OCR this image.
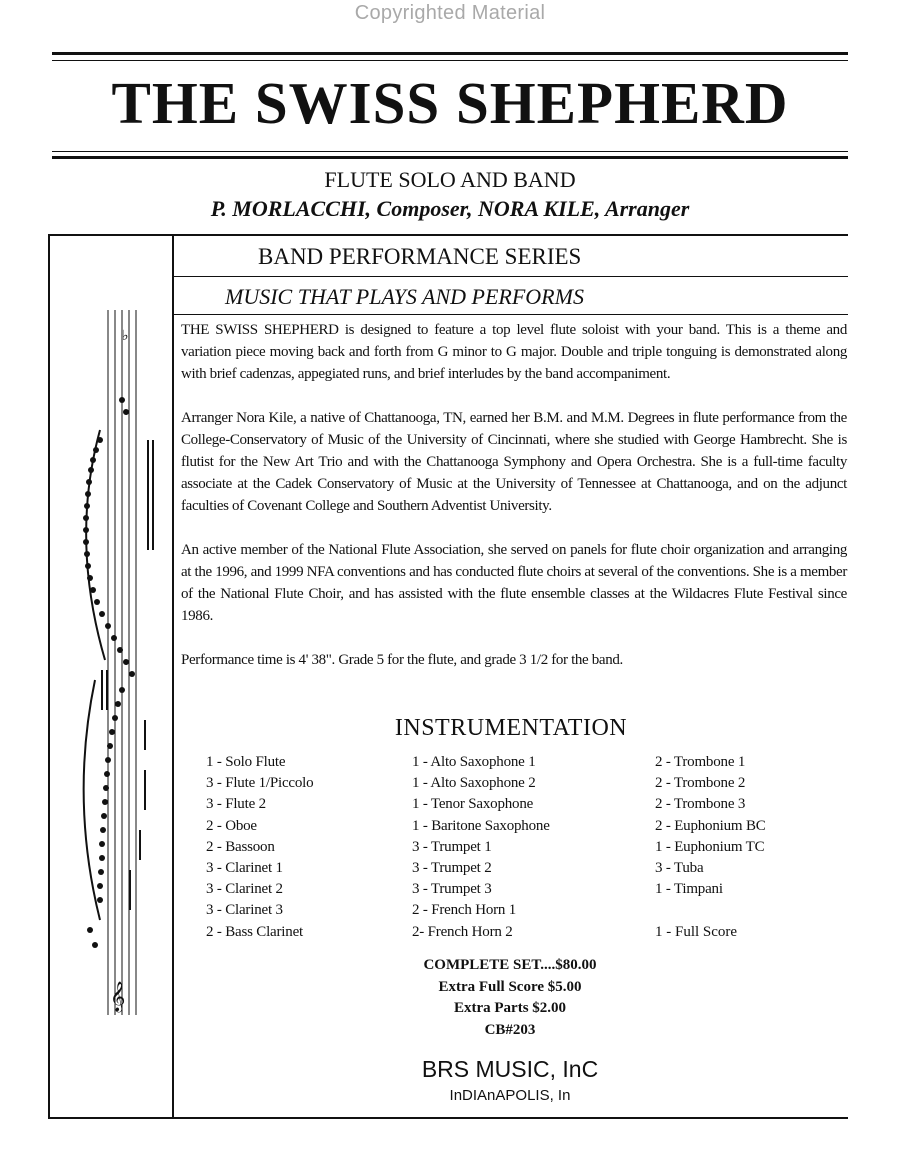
Copyrighted Material
THE SWISS SHEPHERD
FLUTE SOLO AND BAND
P. MORLACCHI, Composer, NORA KILE, Arranger
♭
𝄞
BAND PERFORMANCE SERIES
MUSIC THAT PLAYS AND PERFORMS

THE SWISS SHEPHERD is designed to feature a top level flute soloist with your band. This is a theme and variation piece moving back and forth from G minor to G major. Double and triple tonguing is demonstrated along with brief cadenzas, appegiated runs, and brief interludes by the band accompaniment.

Arranger Nora Kile, a native of Chattanooga, TN, earned her B.M. and M.M. Degrees in flute performance from the College-Conservatory of Music of the University of Cincinnati, where she studied with George Hambrecht. She is flutist for the New Art Trio and with the Chattanooga Symphony and Opera Orchestra. She is a full-time faculty associate at the Cadek Conservatory of Music at the University of Tennessee at Chattanooga, and on the adjunct faculties of Covenant College and Southern Adventist University.

An active member of the National Flute Association, she served on panels for flute choir organization and arranging at the 1996, and 1999 NFA conventions and has conducted flute choirs at several of the conventions. She is a member of the National Flute Choir, and has assisted with the flute ensemble classes at the Wildacres Flute Festival since 1986.

Performance time is 4' 38". Grade 5 for the flute, and grade 3 1/2 for the band.

INSTRUMENTATION
1 - Solo Flute
3 - Flute 1/Piccolo
3 - Flute 2
2 - Oboe
2 - Bassoon
3 - Clarinet 1
3 - Clarinet 2
3 - Clarinet 3
2 - Bass Clarinet
1 - Alto Saxophone 1
1 - Alto Saxophone 2
1 - Tenor Saxophone
1 - Baritone Saxophone
3 - Trumpet 1
3 - Trumpet 2
3 - Trumpet 3
2 - French Horn 1
2- French Horn 2
2 - Trombone 1
2 - Trombone 2
2 - Trombone 3
2 - Euphonium BC
1 - Euphonium TC
3 - Tuba
1 - Timpani
1 - Full Score
COMPLETE SET....$80.00
Extra Full Score $5.00
Extra Parts $2.00
CB#203
BRS MUSIC, InC
InDIAnAPOLIS, In
